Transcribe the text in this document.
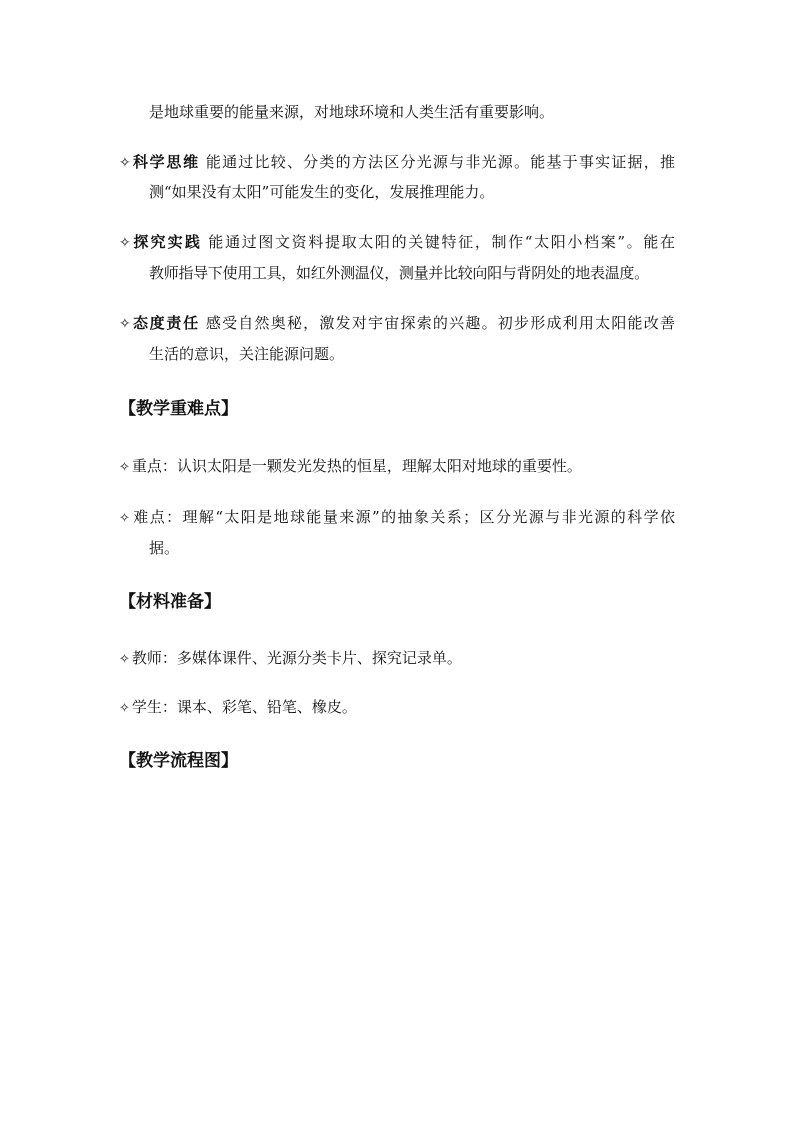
是地球重要的能量来源，对地球环境和人类生活有重要影响。
✧科学思维 能通过比较、分类的方法区分光源与非光源。能基于事实证据，推
测“如果没有太阳”可能发生的变化，发展推理能力。
✧探究实践 能通过图文资料提取太阳的关键特征，制作“太阳小档案”。能在
教师指导下使用工具，如红外测温仪，测量并比较向阳与背阴处的地表温度。
✧态度责任 感受自然奥秘，激发对宇宙探索的兴趣。初步形成利用太阳能改善
生活的意识，关注能源问题。
【教学重难点】
✧ 重点：认识太阳是一颗发光发热的恒星，理解太阳对地球的重要性。
✧ 难点：理解“太阳是地球能量来源”的抽象关系；区分光源与非光源的科学依
据。
【材料准备】
✧ 教师：多媒体课件、光源分类卡片、探究记录单。
✧ 学生：课本、彩笔、铅笔、橡皮。
【教学流程图】
